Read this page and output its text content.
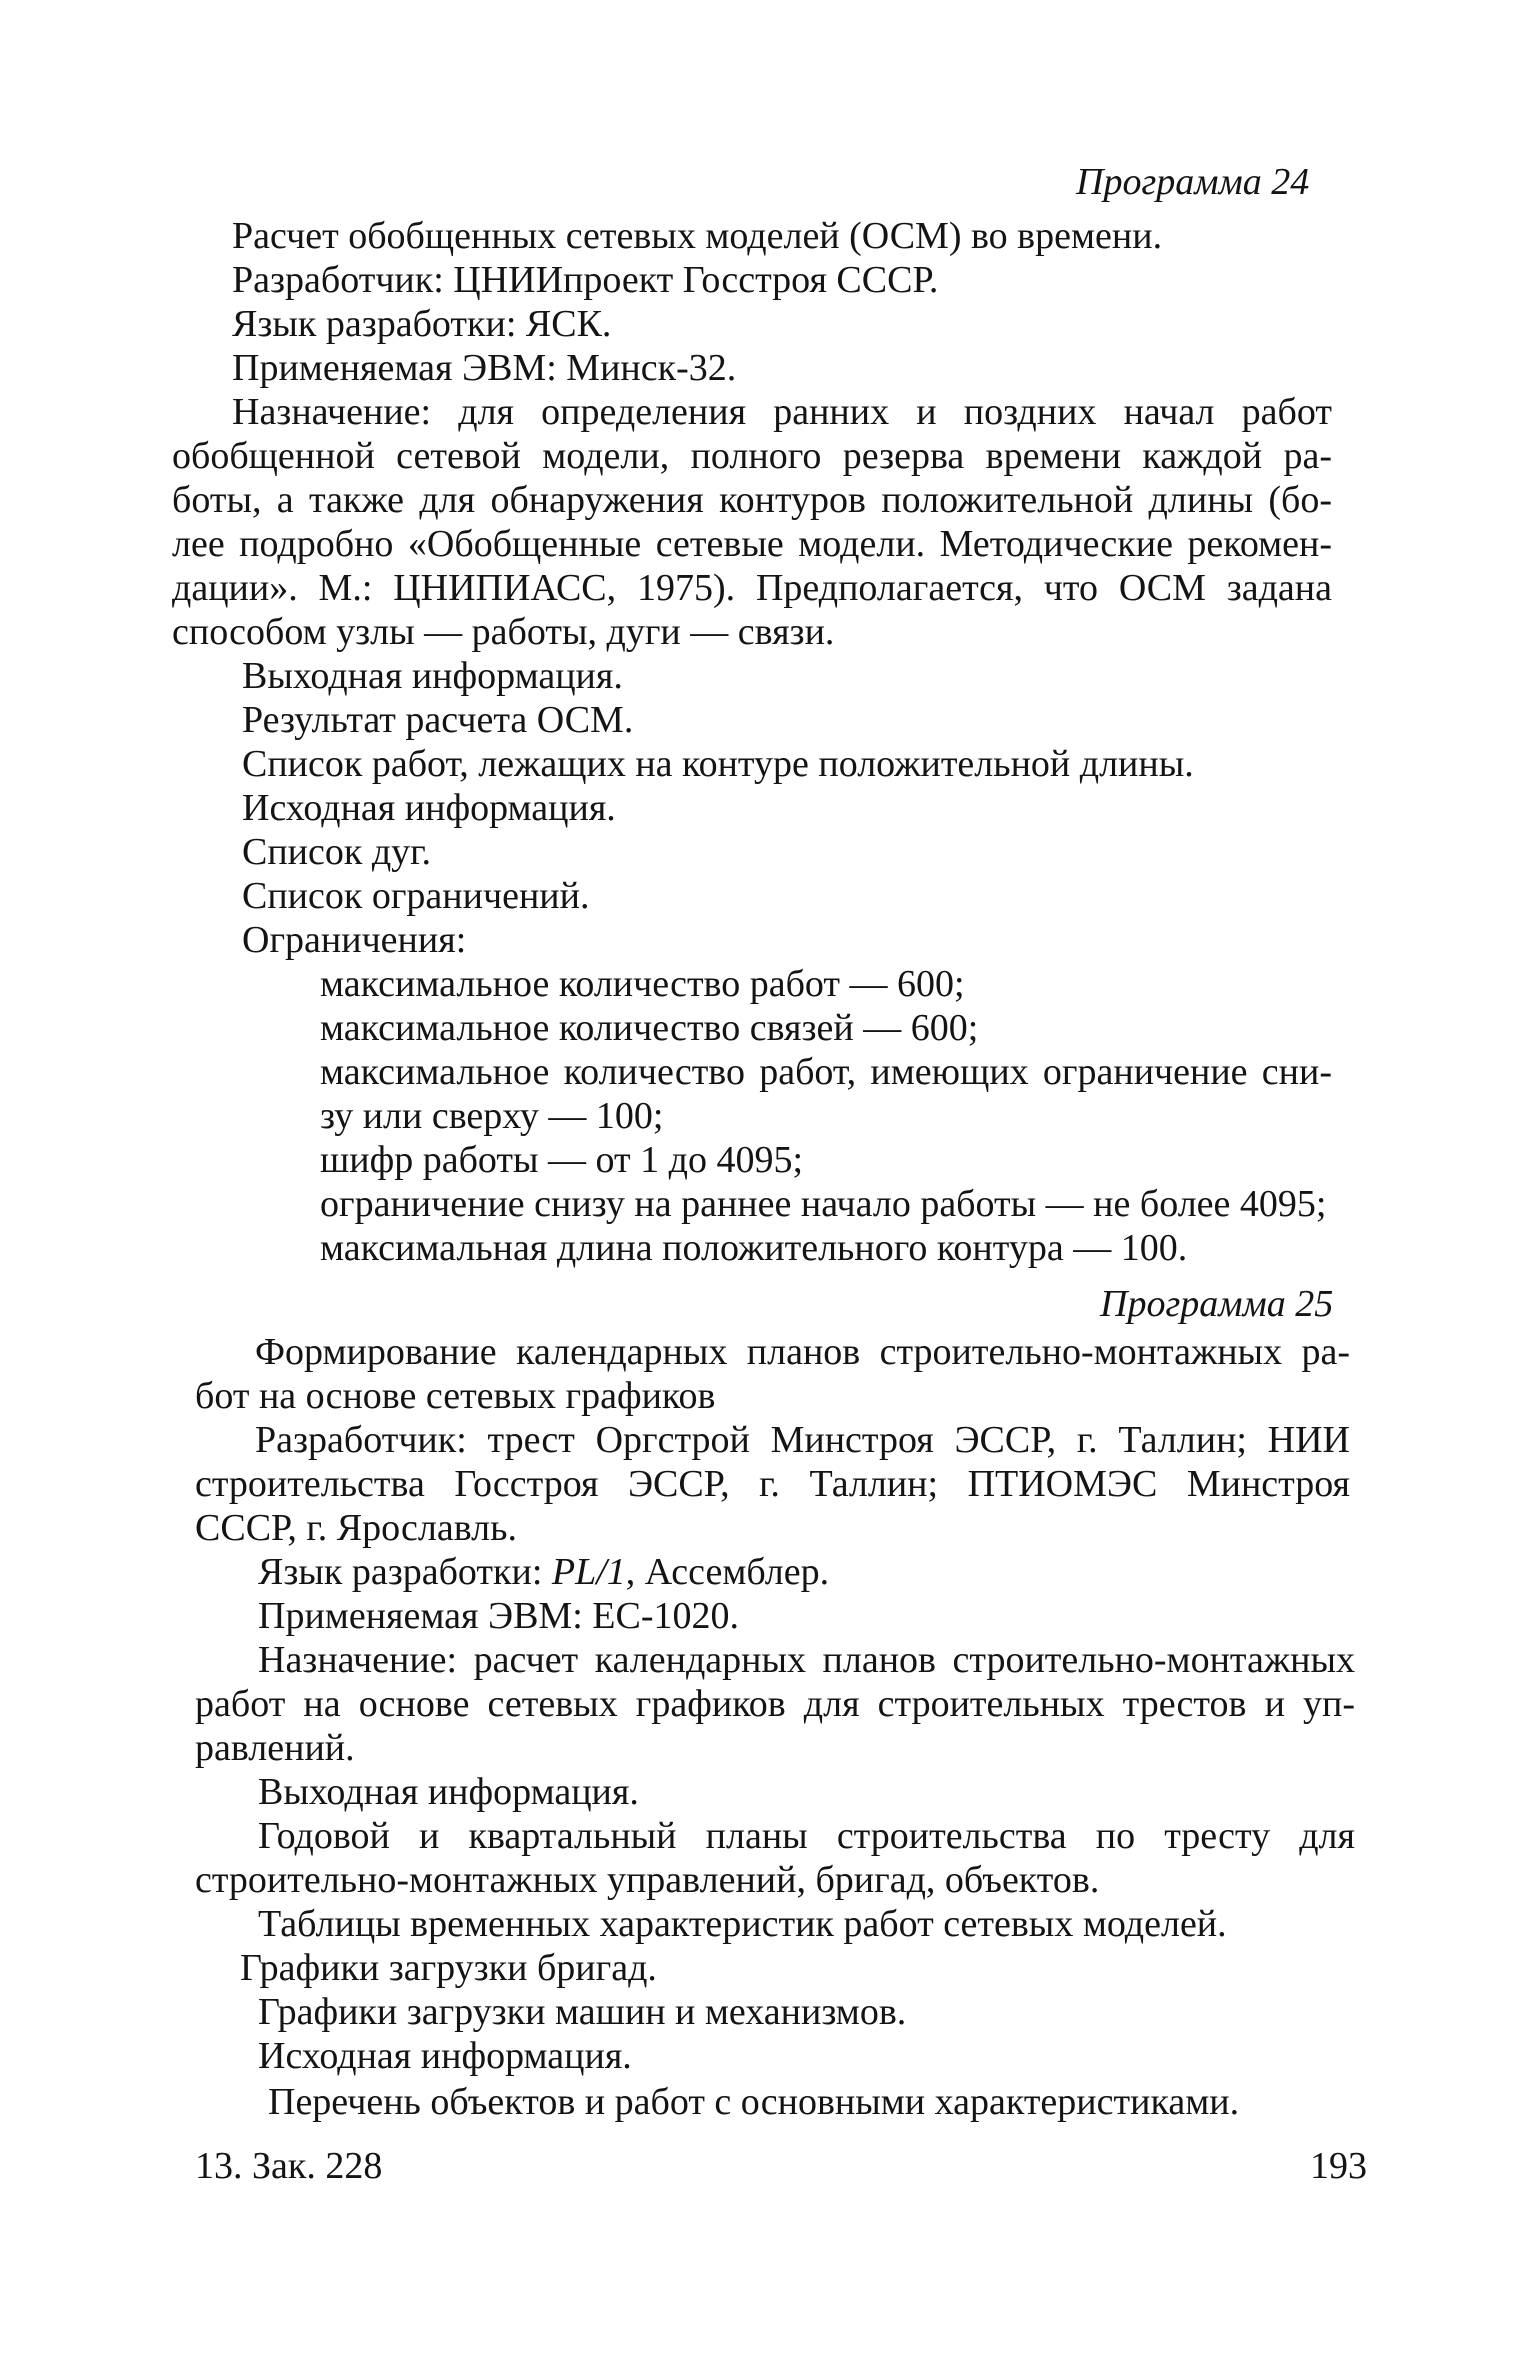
Программа 24
Расчет обобщенных сетевых моделей (ОСМ) во времени.
Разработчик: ЦНИИпроект Госстроя СССР.
Язык разработки: ЯСК.
Применяемая ЭВМ: Минск-32.
Назначение: для определения ранних и поздних начал работ
обобщенной сетевой модели, полного резерва времени каждой ра-
боты, а также для обнаружения контуров положительной длины (бо-
лее подробно «Обобщенные сетевые модели. Методические рекомен-
дации». М.: ЦНИПИАСС, 1975). Предполагается, что ОСМ задана
способом узлы — работы, дуги — связи.
Выходная информация.
Результат расчета ОСМ.
Список работ, лежащих на контуре положительной длины.
Исходная информация.
Список дуг.
Список ограничений.
Ограничения:
максимальное количество работ — 600;
максимальное количество связей — 600;
максимальное количество работ, имеющих ограничение сни-
зу или сверху — 100;
шифр работы — от 1 до 4095;
ограничение снизу на раннее начало работы — не более 4095;
максимальная длина положительного контура — 100.
Программа 25
Формирование календарных планов строительно-монтажных ра-
бот на основе сетевых графиков
Разработчик: трест Оргстрой Минстроя ЭССР, г. Таллин; НИИ
строительства Госстроя ЭССР, г. Таллин; ПТИОМЭС Минстроя
СССР, г. Ярославль.
Язык разработки: PL/1, Ассемблер.
Применяемая ЭВМ: ЕС-1020.
Назначение: расчет календарных планов строительно-монтажных
работ на основе сетевых графиков для строительных трестов и уп-
равлений.
Выходная информация.
Годовой и квартальный планы строительства по тресту для
строительно-монтажных управлений, бригад, объектов.
Таблицы временных характеристик работ сетевых моделей.
Графики загрузки бригад.
Графики загрузки машин и механизмов.
Исходная информация.
Перечень объектов и работ с основными характеристиками.
13. Зак. 228	193
